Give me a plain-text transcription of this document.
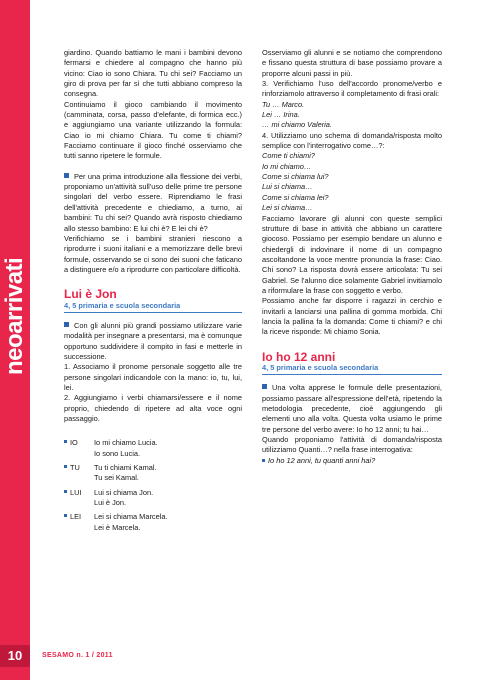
neoarrivati
10	SESAMO n. 1 / 2011

giardino. Quando battiamo le mani i bambini devono fermarsi e chiedere al compagno che hanno più vicino: Ciao io sono Chiara. Tu chi sei? Facciamo un giro di prova per far sì che tutti abbiano compreso la consegna.

Continuiamo il gioco cambiando il movimento (camminata, corsa, passo d'elefante, di formica ecc.) e aggiungiamo una variante utilizzando la formula: Ciao io mi chiamo Chiara. Tu come ti chiami? Facciamo continuare il gioco finché osserviamo che tutti sanno ripetere le formule.

Per una prima introduzione alla flessione dei verbi, proponiamo un'attività sull'uso delle prime tre persone singolari del verbo essere. Riprendiamo le frasi dell'attività precedente e chiediamo, a turno, ai bambini: Tu chi sei? Quando avrà risposto chiediamo allo stesso bambino: E lui chi è? E lei chi è?

Verifichiamo se i bambini stranieri riescono a riprodurre i suoni italiani e a memorizzare delle brevi formule, osservando se ci sono dei suoni che faticano a distinguere e/o a riprodurre con particolare difficoltà.

Lui è Jon
4, 5 primaria e scuola secondaria

Con gli alunni più grandi possiamo utilizzare varie modalità per insegnare a presentarsi, ma è comunque opportuno suddividere il compito in fasi e metterle in successione.

1. Associamo il pronome personale soggetto alle tre persone singolari indicandole con la mano: io, tu, lui, lei.

2. Aggiungiamo i verbi chiamarsi/essere e il nome proprio, chiedendo di ripetere ad alta voce ogni passaggio.

IO	Io mi chiamo Lucia.
Io sono Lucia.
TU	Tu ti chiami Kamal.
Tu sei Kamal.
LUI	Lui si chiama Jon.
Lui è Jon.
LEI	Lei si chiama Marcela.
Lei è Marcela.

Osserviamo gli alunni e se notiamo che comprendono e fissano questa struttura di base possiamo provare a proporre alcuni passi in più.

3. Verifichiamo l'uso dell'accordo pronome/verbo e rinforziamolo attraverso il completamento di frasi orali:

Tu … Marco.

Lei … Irina.

… mi chiamo Valeria.

4. Utilizziamo uno schema di domanda/risposta molto semplice con l'interrogativo come…?:

Come ti chiami?

Io mi chiamo…

Come si chiama lui?

Lui si chiama…

Come si chiama lei?

Lei si chiama…

Facciamo lavorare gli alunni con queste semplici strutture di base in attività che abbiano un carattere giocoso. Possiamo per esempio bendare un alunno e chiedergli di indovinare il nome di un compagno ascoltandone la voce mentre pronuncia la frase: Ciao. Chi sono? La risposta dovrà essere articolata: Tu sei Gabriel. Se l'alunno dice solamente Gabriel invitiamolo a riformulare la frase con soggetto e verbo.

Possiamo anche far disporre i ragazzi in cerchio e invitarli a lanciarsi una pallina di gomma morbida. Chi lancia la pallina fa la domanda: Come ti chiami? e chi la riceve risponde: Mi chiamo Sonia.

Io ho 12 anni
4, 5 primaria e scuola secondaria

Una volta apprese le formule delle presentazioni, possiamo passare all'espressione dell'età, ripetendo la metodologia precedente, cioè aggiungendo gli elementi uno alla volta. Questa volta usiamo le prime tre persone del verbo avere: Io ho 12 anni; tu hai…

Quando proponiamo l'attività di domanda/risposta utilizziamo Quanti…? nella frase interrogativa:

Io ho 12 anni, tu quanti anni hai?
